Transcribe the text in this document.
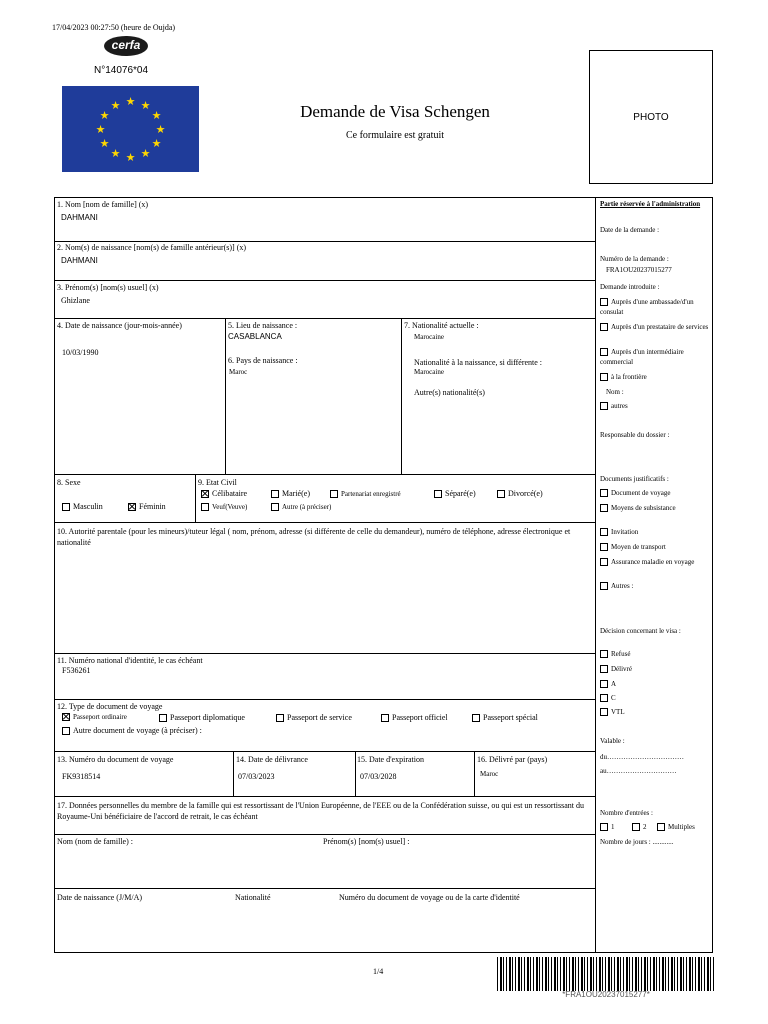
17/04/2023 00:27:50 (heure de Oujda)
cerfa
N°14076*04
★ ★
★
★
★
★
★
★
★
★
★
★	Demande de Visa Schengen
Ce formulaire est gratuit
PHOTO
1. Nom [nom de famille] (x)
DAHMANI
2. Nom(s) de naissance [nom(s) de famille antérieur(s)] (x)
DAHMANI
3. Prénom(s) [nom(s) usuel] (x)
Ghizlane
4. Date de naissance (jour-mois-année)
10/03/1990
5. Lieu de naissance :
CASABLANCA
6. Pays de naissance :
Maroc
7. Nationalité actuelle :
Marocaine
Nationalité à la naissance, si différente :
Marocaine
Autre(s) nationalité(s)
8. Sexe
Masculin	Féminin
9. Etat Civil
Célibataire	Marié(e)	Partenariat enregistré	Séparé(e)	Divorcé(e)
Veuf(Veuve)	Autre (à préciser)
10. Autorité parentale (pour les mineurs)/tuteur légal ( nom, prénom, adresse (si différente de celle du demandeur), numéro de téléphone, adresse électronique et nationalité
11. Numéro national d'identité, le cas échéant
F536261
12. Type de document de voyage
Passeport ordinaire	Passeport diplomatique	Passeport de service	Passeport officiel	Passeport spécial
Autre document de voyage (à préciser) :
13. Numéro du document de voyage
FK9318514
14. Date de délivrance
07/03/2023
15. Date d'expiration
07/03/2028
16. Délivré par (pays)
Maroc
17. Données personnelles du membre de la famille qui est ressortissant de l'Union Européenne, de l'EEE ou de la Confédération suisse, ou qui est un ressortissant du Royaume-Uni bénéficiaire de l'accord de retrait, le cas échéant
Nom (nom de famille) :	Prénom(s) [nom(s) usuel] :
Date de naissance (J/M/A)	Nationalité	Numéro du document de voyage ou de la carte d'identité
Partie réservée à l'administration
Date de la demande :
Numéro de la demande :
FRA1OU20237015277
Demande introduite :
Auprès d'une ambassade/d'un consulat
Auprès d'un prestataire de services
Auprès d'un intermédiaire commercial
à la frontière
Nom :
autres
Responsable du dossier :
Documents justificatifs :
Document de voyage
Moyens de subsistance
Invitation
Moyen de transport
Assurance maladie en voyage
Autres :
Décision concernant le visa :
Refusé
Délivré
A
C
VTL
Valable :
du……………………………
au…………………………
Nombre d'entrées :
1	2	Multiples
Nombre de jours : ............
1/4
*FRA1OU20237015277*
